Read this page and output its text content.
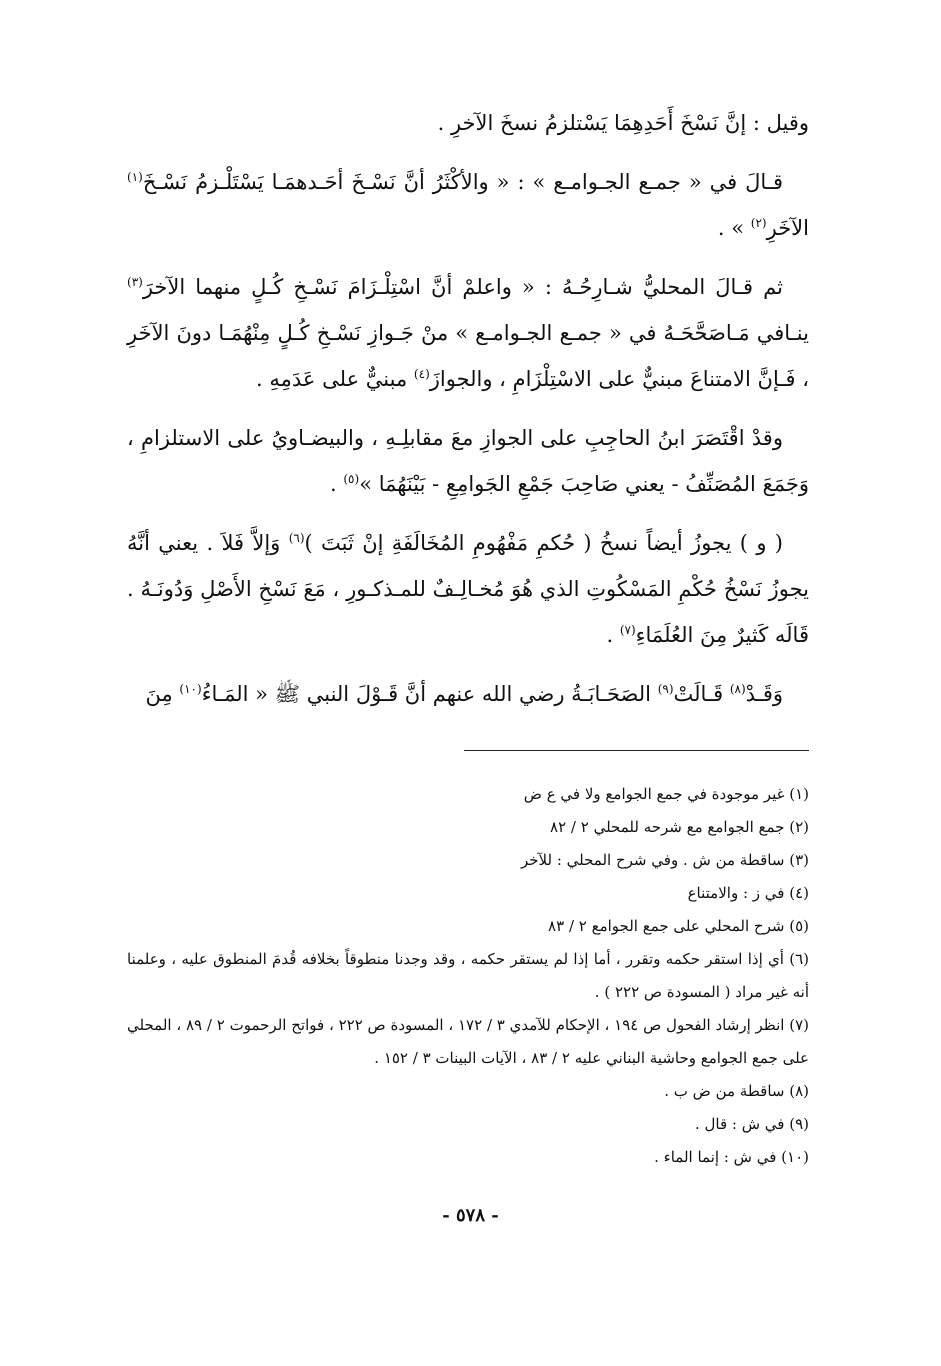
وقيل : إنَّ نَسْخَ أَحَدِهِمَا يَسْتلزمُ نسخَ الآخرِ .

قـالَ في « جمـع الجـوامـع » : « والأكْثَرُ أنَّ نَسْـخَ أحَـدهمَـا يَسْتَلْـزمُ نَسْـخَ$^{(١)}$ الآخَرِ$^{(٢)}$ » .

ثم قـالَ المحليُّ شـارِحُـهُ : « واعلمْ أنَّ اسْتِلْـزَامَ نَسْـخِ كُـلٍ منهما الآخرَ$^{(٣)}$ ينـافي مَـاصَحَّحَـهُ في « جمـع الجـوامـع » منْ جَـوازِ نَسْـخِ كُـلٍ مِنْهُمَـا دونَ الآخَرِ ، فَـإنَّ الامتناعَ مبنيٌّ على الاسْتِلْزَامِ ، والجوازَ$^{(٤)}$ مبنيٌّ على عَدَمِهِ .

وقدْ اقْتَصَرَ ابنُ الحاجِبِ على الجوازِ معَ مقابلِـهِ ، والبيضـاويُ على الاستلزامِ ، وَجَمَعَ المُصَنِّفُ - يعني صَاحِبَ جَمْعِ الجَوامِعِ - بَيْنَهُمَا »$^{(٥)}$ .

( و ) يجوزُ أيضاً نسخُ ( حُكمِ مَفْهُومِ المُخَالَفَةِ إنْ ثَبَتَ )$^{(٦)}$ وَإلاَّ فَلاَ . يعني أنَّهُ يجوزُ نَسْخُ حُكْمِ المَسْكُوتِ الذي هُوَ مُخـالِـفٌ للمـذكـورِ ، مَعَ نَسْخِ الأَصْلِ وَدُونَـهُ . قَالَه كَثيرٌ مِنَ العُلَمَاءِ$^{(٧)}$ .

وَقَـدْ$^{(٨)}$ قَـالَتْ$^{(٩)}$ الصَحَـابَـةُ رضي الله عنهم أنَّ قَـوْلَ النبي ﷺ « المَـاءُ$^{(١٠)}$ مِنَ

(١) غير موجودة في جمع الجوامع ولا في ع ض

(٢) جمع الجوامع مع شرحه للمحلي ٢ / ٨٢

(٣) ساقطة من ش . وفي شرح المحلي : للآخر

(٤) في ز : والامتناع

(٥) شرح المحلي على جمع الجوامع ٢ / ٨٣

(٦) أي إذا استقر حكمه وتقرر ، أما إذا لم يستقر حكمه ، وقد وجدنا منطوقاً بخلافه قُدمَ المنطوق عليه ، وعلمنا أنه غير مراد ( المسودة ص ٢٢٢ ) .

(٧) انظر إرشاد الفحول ص ١٩٤ ، الإحكام للآمدي ٣ / ١٧٢ ، المسودة ص ٢٢٢ ، فواتح الرحموت ٢ / ٨٩ ، المحلي على جمع الجوامع وحاشية البناني عليه ٢ / ٨٣ ، الآيات البينات ٣ / ١٥٢ .

(٨) ساقطة من ض ب .

(٩) في ش : قال .

(١٠) في ش : إنما الماء .

- ٥٧٨ -
